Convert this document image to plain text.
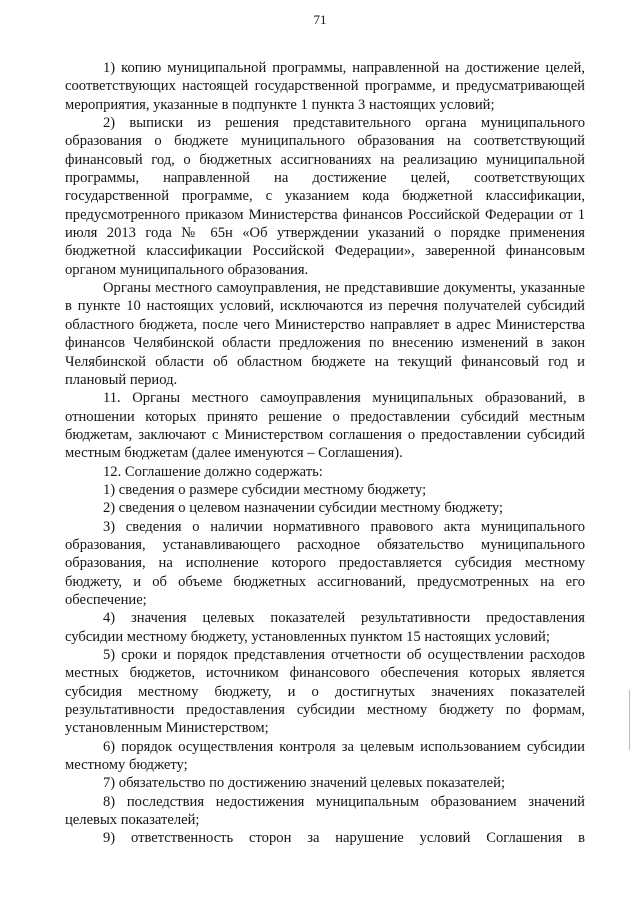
71

1) копию муниципальной программы, направленной на достижение целей, соответствующих настоящей государственной программе, и предусматривающей мероприятия, указанные в подпункте 1 пункта 3 настоящих условий;

2) выписки из решения представительного органа муниципального образования о бюджете муниципального образования на соответствующий финансовый год, о бюджетных ассигнованиях на реализацию муниципальной программы, направленной на достижение целей, соответствующих государственной программе, с указанием кода бюджетной классификации, предусмотренного приказом Министерства финансов Российской Федерации от 1 июля 2013 года № 65н «Об утверждении указаний о порядке применения бюджетной классификации Российской Федерации», заверенной финансовым органом муниципального образования.

Органы местного самоуправления, не представившие документы, указанные в пункте 10 настоящих условий, исключаются из перечня получателей субсидий областного бюджета, после чего Министерство направляет в адрес Министерства финансов Челябинской области предложения по внесению изменений в закон Челябинской области об областном бюджете на текущий финансовый год и плановый период.

11. Органы местного самоуправления муниципальных образований, в отношении которых принято решение о предоставлении субсидий местным бюджетам, заключают с Министерством соглашения о предоставлении субсидий местным бюджетам (далее именуются – Соглашения).

12. Соглашение должно содержать:

1) сведения о размере субсидии местному бюджету;

2) сведения о целевом назначении субсидии местному бюджету;

3) сведения о наличии нормативного правового акта муниципального образования, устанавливающего расходное обязательство муниципального образования, на исполнение которого предоставляется субсидия местному бюджету, и об объеме бюджетных ассигнований, предусмотренных на его обеспечение;

4) значения целевых показателей результативности предоставления субсидии местному бюджету, установленных пунктом 15 настоящих условий;

5) сроки и порядок представления отчетности об осуществлении расходов местных бюджетов, источником финансового обеспечения которых является субсидия местному бюджету, и о достигнутых значениях показателей результативности предоставления субсидии местному бюджету по формам, установленным Министерством;

6) порядок осуществления контроля за целевым использованием субсидии местному бюджету;

7) обязательство по достижению значений целевых показателей;

8) последствия недостижения муниципальным образованием значений целевых показателей;

9) ответственность сторон за нарушение условий Соглашения в
